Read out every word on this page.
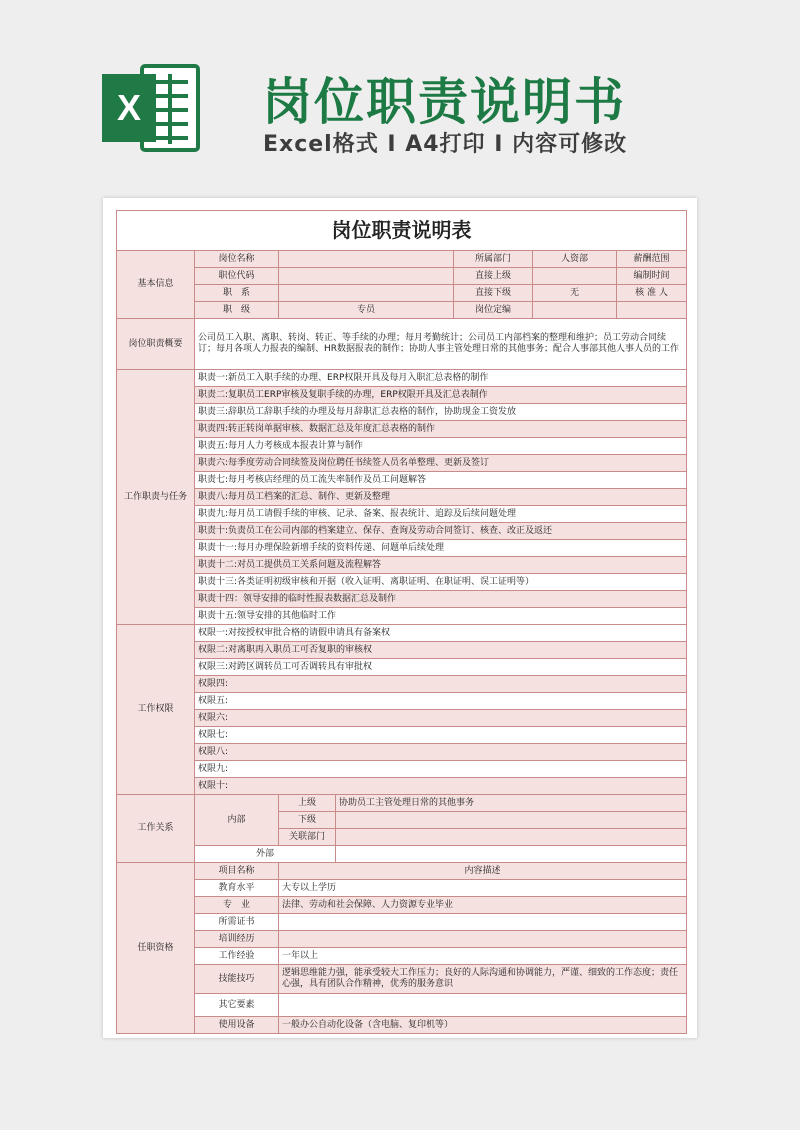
X 岗位职责说明书
Excel格式 I A4打印 I 内容可修改
岗位职责说明表						
基本信息	岗位名称			所属部门	人资部	薪酬范围
	职位代码			直接上级		编制时间
	职　系			直接下级	无	核 准 人
	职　级	专员		岗位定编		
岗位职责概要	公司员工入职、离职、转岗、转正、等手续的办理；每月考勤统计；公司员工内部档案的整理和维护；员工劳动合同续订；每月各项人力报表的编制、HR数据报表的制作；协助人事主管处理日常的其他事务；配合人事部其他人事人员的工作					
工作职责与任务	职责一:新员工入职手续的办理、ERP权限开具及每月入职汇总表格的制作					
	职责二:复职员工ERP审核及复职手续的办理，ERP权限开具及汇总表制作					
	职责三:辞职员工辞职手续的办理及每月辞职汇总表格的制作，协助现金工资发放					
	职责四:转正转岗单据审核、数据汇总及年度汇总表格的制作					
	职责五:每月人力考核成本报表计算与制作					
	职责六:每季度劳动合同续签及岗位聘任书续签人员名单整理、更新及签订					
	职责七:每月考核店经理的员工流失率制作及员工问题解答					
	职责八:每月员工档案的汇总、制作、更新及整理					
	职责九:每月员工请假手续的审核、记录、备案、报表统计、追踪及后续问题处理					
	职责十:负责员工在公司内部的档案建立、保存、查询及劳动合同签订、核查、改正及返还					
	职责十一:每月办理保险新增手续的资料传递、问题单后续处理					
	职责十二:对员工提供员工关系问题及流程解答					
	职责十三:各类证明初级审核和开据（收入证明、离职证明、在职证明、误工证明等）					
	职责十四：领导安排的临时性报表数据汇总及制作					
	职责十五:领导安排的其他临时工作					
工作权限	权限一:对按授权审批合格的请假申请具有备案权					
	权限二:对离职再入职员工可否复职的审核权					
	权限三:对跨区调转员工可否调转具有审批权					
	权限四:					
	权限五:					
	权限六:					
	权限七:					
	权限八:					
	权限九:					
	权限十:					
工作关系	内部	上级	协助员工主管处理日常的其他事务			
		下级				
		关联部门				
	外部					
任职资格	项目名称	内容描述				
	教育水平	大专以上学历				
	专　业	法律、劳动和社会保障、人力资源专业毕业				
	所需证书					
	培训经历					
	工作经验	一年以上				
	技能技巧	逻辑思维能力强，能承受较大工作压力；良好的人际沟通和协调能力，严谨、细致的工作态度；责任心强，具有团队合作精神，优秀的服务意识				
	其它要素					
	使用设备	一般办公自动化设备（含电脑、复印机等）				
